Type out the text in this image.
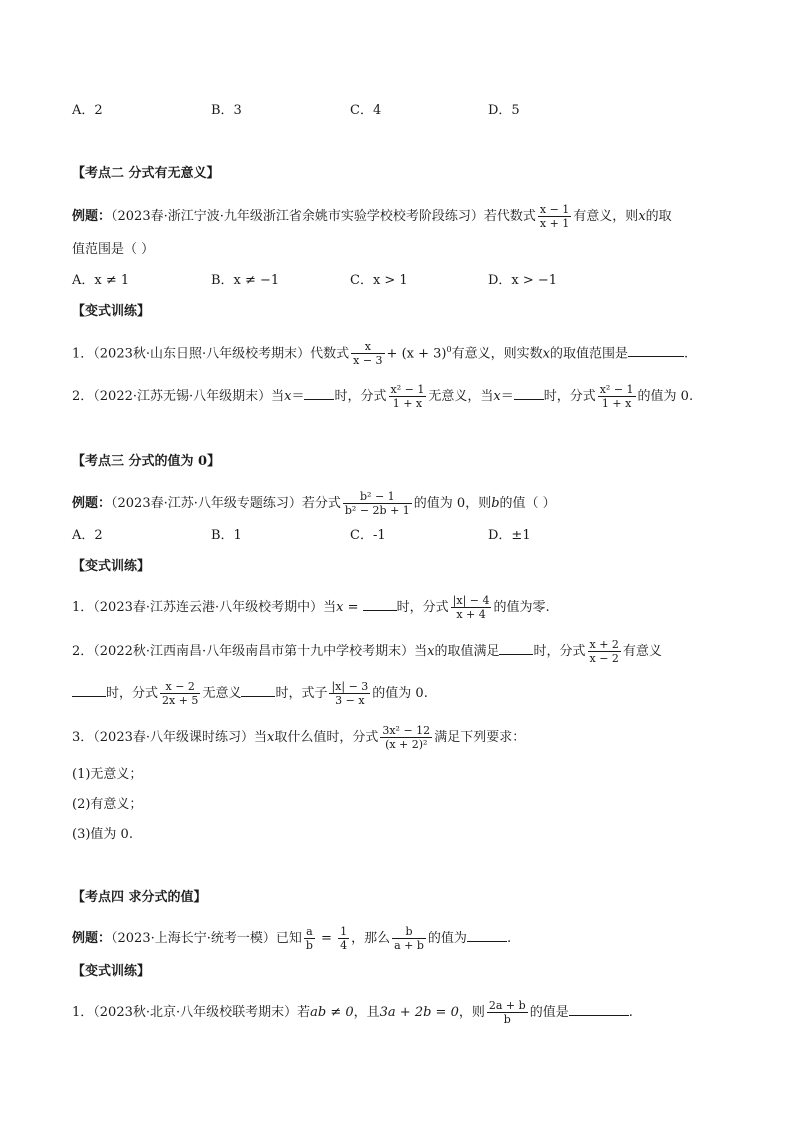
A．2	B．3	C．4	D．5
【考点二 分式有无意义】
例题：（2023春·浙江宁波·九年级浙江省余姚市实验学校校考阶段练习）若代数式 $\frac{x - 1}{x + 1}$ 有意义，则x的取
值范围是（ ）
A．x ≠ 1	B．x ≠ −1	C．x > 1	D．x > −1
【变式训练】
1．（2023秋·山东日照·八年级校考期末）代数式 $\frac{x}{x - 3} + (x + 3)^0$有意义，则实数x的取值范围是	.
2．（2022·江苏无锡·八年级期末）当x＝ 时，分式 $\frac{\text{x² − 1}}{1 + x}$ 无意义，当x＝ 时，分式 $\frac{\text{x² − 1}}{1 + x}$ 的值为 0.
【考点三 分式的值为 0】
例题：（2023春·江苏·八年级专题练习）若分式 $\frac{\text{b² − 1}}{\text{b² − 2b + 1}}$ 的值为 0，则b的值（ ）
A．2	B．1	C．-1	D．±1
【变式训练】
1．（2023春·江苏连云港·八年级校考期中）当x =	时，分式 $\frac{|x| - 4}{x + 4}$ 的值为零.
2．（2022秋·江西南昌·八年级南昌市第十九中学校考期末）当x的取值满足	时，分式 $\frac{x + 2}{x - 2}$ 有意义
时，分式 $\frac{x - 2}{2x + 5}$ 无意义	时，式子 $\frac{|x| - 3}{3 - x}$ 的值为 0.
3．（2023春·八年级课时练习）当x取什么值时，分式 $\frac{\text{3x² − 12}}{\text{(x + 2)²}}$ 满足下列要求：
(1)无意义；
(2)有意义；
(3)值为 0.
【考点四 求分式的值】
例题：（2023·上海长宁·统考一模）已知 $\frac{a}{b} = \frac{1}{4}$ ，那么 $\frac{b}{a + b}$ 的值为	.
【变式训练】
1．（2023秋·北京·八年级校联考期末）若ab ≠ 0，且3a + 2b = 0，则 $\frac{2a + b}{b}$ 的值是	.
